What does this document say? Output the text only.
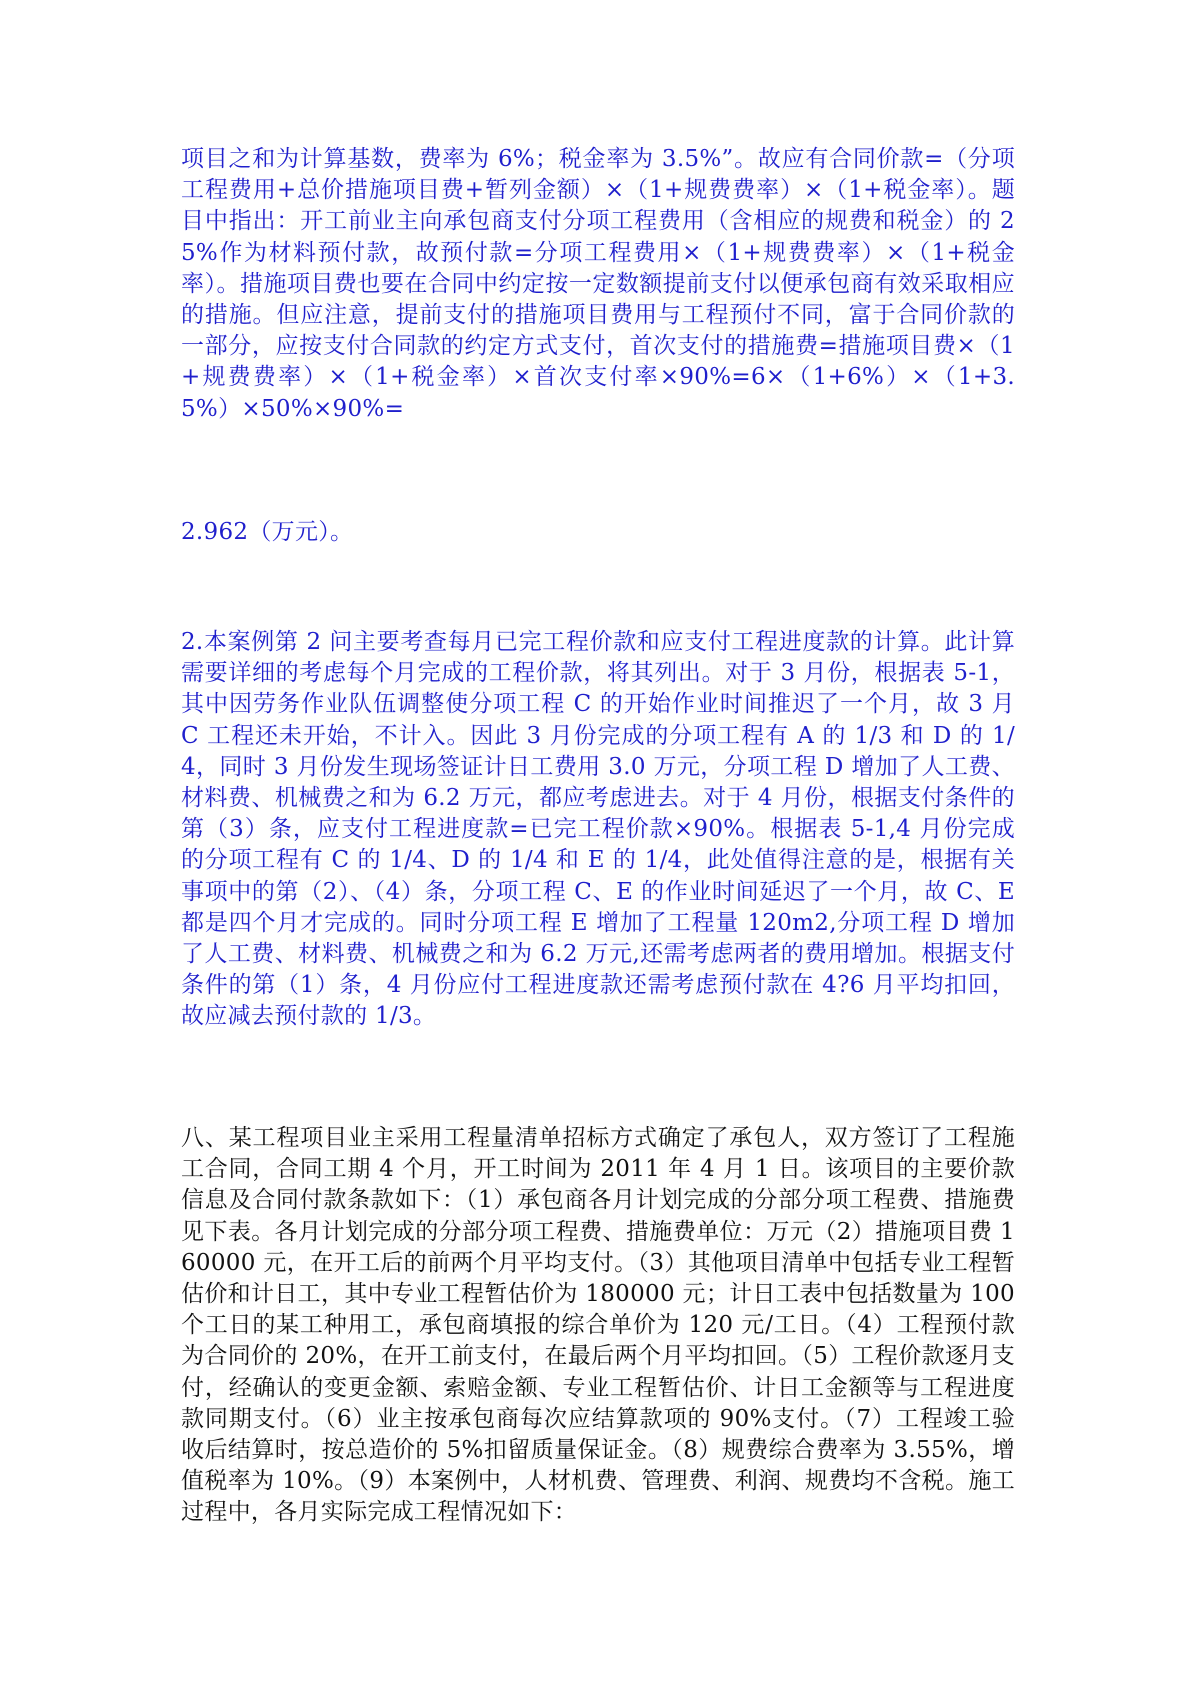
项目之和为计算基数，费率为 6%；税金率为 3.5%”。故应有合同价款=（分项工程费用+总价措施项目费+暂列金额）×（1+规费费率）×（1+税金率）。题目中指出：开工前业主向承包商支付分项工程费用（含相应的规费和税金）的 25%作为材料预付款，故预付款=分项工程费用×（1+规费费率）×（1+税金率）。措施项目费也要在合同中约定按一定数额提前支付以便承包商有效采取相应的措施。但应注意，提前支付的措施项目费用与工程预付不同，富于合同价款的一部分，应按支付合同款的约定方式支付，首次支付的措施费=措施项目费×（1+规费费率）×（1+税金率）×首次支付率×90%=6×（1+6%）×（1+3.5%）×50%×90%=

2.962（万元）。

2.本案例第 2 问主要考查每月已完工程价款和应支付工程进度款的计算。此计算需要详细的考虑每个月完成的工程价款，将其列出。对于 3 月份，根据表 5-1，其中因劳务作业队伍调整使分项工程 C 的开始作业时间推迟了一个月，故 3 月 C 工程还未开始，不计入。因此 3 月份完成的分项工程有 A 的 1/3 和 D 的 1/4，同时 3 月份发生现场签证计日工费用 3.0 万元，分项工程 D 增加了人工费、材料费、机械费之和为 6.2 万元，都应考虑进去。对于 4 月份，根据支付条件的第（3）条，应支付工程进度款=已完工程价款×90%。根据表 5-1,4 月份完成的分项工程有 C 的 1/4、D 的 1/4 和 E 的 1/4，此处值得注意的是，根据有关事项中的第（2）、（4）条，分项工程 C、E 的作业时间延迟了一个月，故 C、E 都是四个月才完成的。同时分项工程 E 增加了工程量 120m2,分项工程 D 增加了人工费、材料费、机械费之和为 6.2 万元,还需考虑两者的费用增加。根据支付条件的第（1）条，4 月份应付工程进度款还需考虑预付款在 4?6 月平均扣回，故应减去预付款的 1/3。

八、某工程项目业主采用工程量清单招标方式确定了承包人，双方签订了工程施工合同，合同工期 4 个月，开工时间为 2011 年 4 月 1 日。该项目的主要价款信息及合同付款条款如下：（1）承包商各月计划完成的分部分项工程费、措施费见下表。各月计划完成的分部分项工程费、措施费单位：万元（2）措施项目费 160000 元，在开工后的前两个月平均支付。（3）其他项目清单中包括专业工程暂估价和计日工，其中专业工程暂估价为 180000 元；计日工表中包括数量为 100 个工日的某工种用工，承包商填报的综合单价为 120 元/工日。（4）工程预付款为合同价的 20%，在开工前支付，在最后两个月平均扣回。（5）工程价款逐月支付，经确认的变更金额、索赔金额、专业工程暂估价、计日工金额等与工程进度款同期支付。（6）业主按承包商每次应结算款项的 90%支付。（7）工程竣工验收后结算时，按总造价的 5%扣留质量保证金。（8）规费综合费率为 3.55%，增值税率为 10%。（9）本案例中，人材机费、管理费、利润、规费均不含税。施工过程中，各月实际完成工程情况如下：
